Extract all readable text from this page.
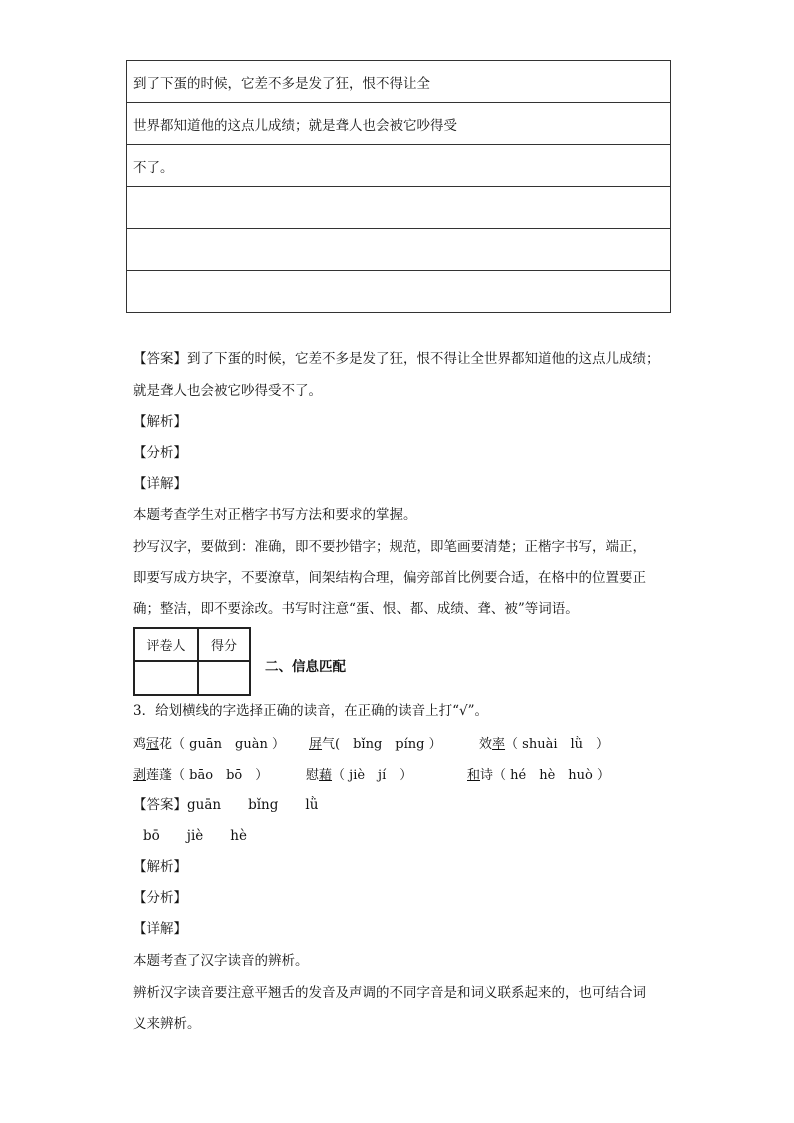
到了下蛋的时候，它差不多是发了狂，恨不得让全
世界都知道他的这点儿成绩；就是聋人也会被它吵得受
不了。

【答案】到了下蛋的时候，它差不多是发了狂，恨不得让全世界都知道他的这点儿成绩；
就是聋人也会被它吵得受不了。
【解析】
【分析】
【详解】
本题考查学生对正楷字书写方法和要求的掌握。
抄写汉字，要做到：准确，即不要抄错字；规范，即笔画要清楚；正楷字书写，端正，
即要写成方块字，不要潦草，间架结构合理，偏旁部首比例要合适，在格中的位置要正
确；整洁，即不要涂改。书写时注意“蛋、恨、都、成绩、聋、被”等词语。
评卷人	得分

二、信息匹配
3．给划横线的字选择正确的读音，在正确的读音上打“√”。
鸡冠花（ guān　guàn ） 屏气(　bǐng　píng ）	效率（ shuài　lǜ　）
剥莲蓬（ bāo　bō　）	慰藉（ jiè　jí　）	和诗（ hé　hè　huò ）
【答案】guān　　bǐng　　lǜ
bō　　jiè　　hè
【解析】
【分析】
【详解】
本题考查了汉字读音的辨析。
辨析汉字读音要注意平翘舌的发音及声调的不同字音是和词义联系起来的，也可结合词
义来辨析。
